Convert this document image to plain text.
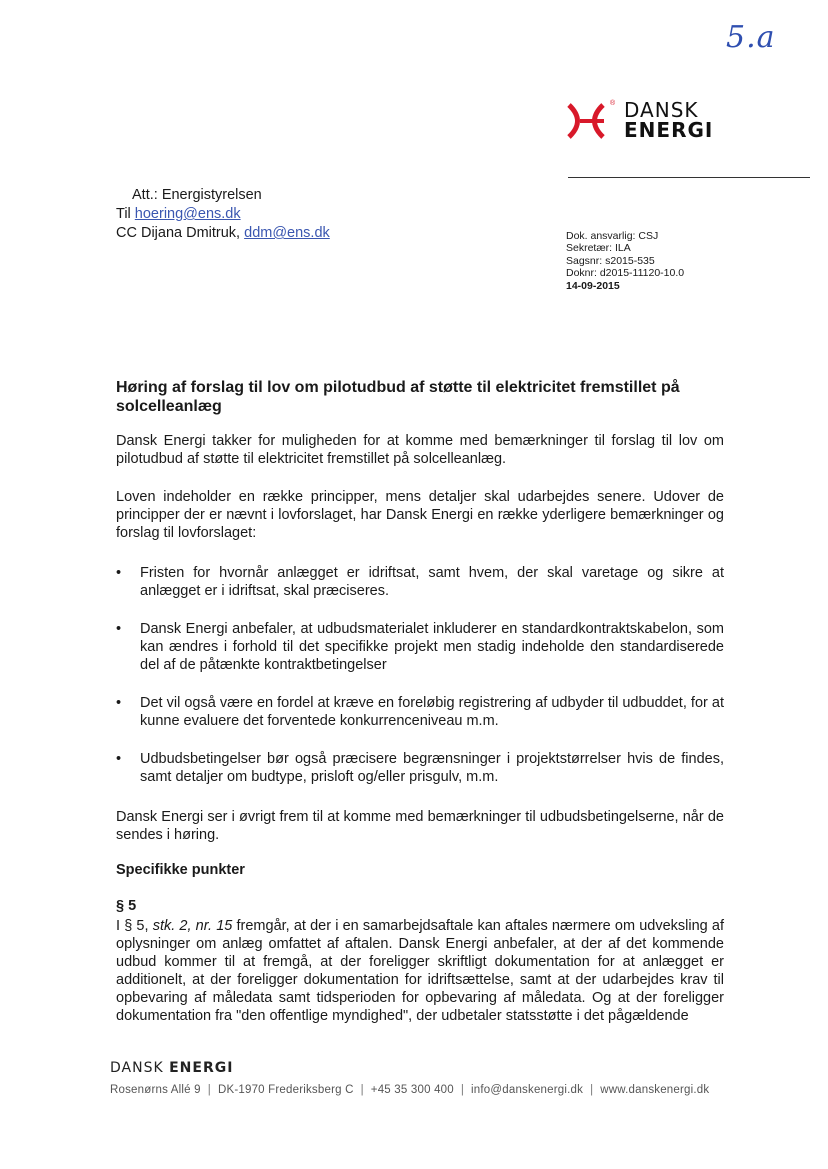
5.a
® DANSK
ENERGI
Att.: Energistyrelsen
Til hoering@ens.dk
CC Dijana Dmitruk, ddm@ens.dk	Dok. ansvarlig: CSJ
Sekretær: ILA
Sagsnr: s2015-535
Doknr: d2015-11120-10.0
14-09-2015
Høring af forslag til lov om pilotudbud af støtte til elektricitet fremstillet på solcelleanlæg
Dansk Energi takker for muligheden for at komme med bemærkninger til forslag til lov om pilotudbud af støtte til elektricitet fremstillet på solcelleanlæg.
Loven indeholder en række principper, mens detaljer skal udarbejdes senere. Udover de principper der er nævnt i lovforslaget, har Dansk Energi en række yderligere bemærkninger og forslag til lovforslaget:
• Fristen for hvornår anlægget er idriftsat, samt hvem, der skal varetage og sikre at anlægget er i idriftsat, skal præciseres.
• Dansk Energi anbefaler, at udbudsmaterialet inkluderer en standardkontraktskabelon, som kan ændres i forhold til det specifikke projekt men stadig indeholde den standardiserede del af de påtænkte kontraktbetingelser
• Det vil også være en fordel at kræve en foreløbig registrering af udbyder til udbuddet, for at kunne evaluere det forventede konkurrenceniveau m.m.
• Udbudsbetingelser bør også præcisere begrænsninger i projektstørrelser hvis de findes, samt detaljer om budtype, prisloft og/eller prisgulv, m.m.
Dansk Energi ser i øvrigt frem til at komme med bemærkninger til udbudsbetingelserne, når de sendes i høring.
Specifikke punkter
§ 5
I § 5, stk. 2, nr. 15 fremgår, at der i en samarbejdsaftale kan aftales nærmere om udveksling af oplysninger om anlæg omfattet af aftalen. Dansk Energi anbefaler, at der af det kommende udbud kommer til at fremgå, at der foreligger skriftligt dokumentation for at anlægget er additionelt, at der foreligger dokumentation for idriftsættelse, samt at der udarbejdes krav til opbevaring af måledata samt tidsperioden for opbevaring af måledata. Og at der foreligger dokumentation fra "den offentlige myndighed", der udbetaler statsstøtte i det pågældende
DANSK ENERGI
Rosenørns Allé 9 | DK-1970 Frederiksberg C | +45 35 300 400 | info@danskenergi.dk | www.danskenergi.dk
